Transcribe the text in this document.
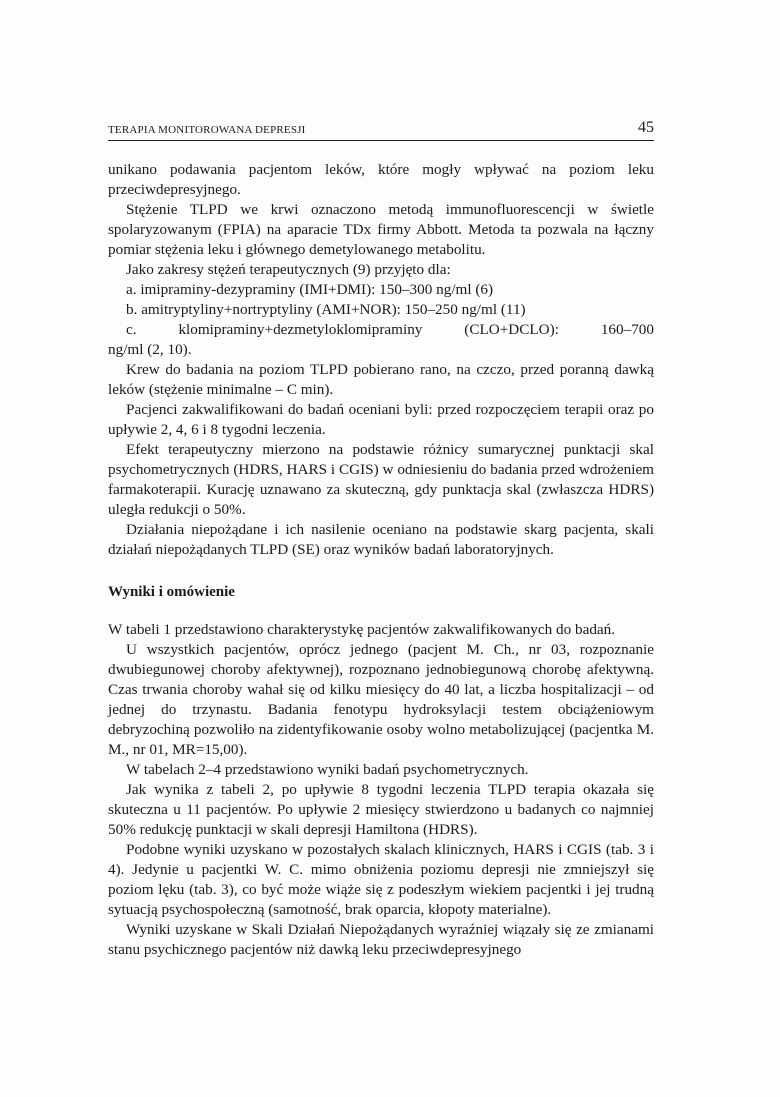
TERAPIA MONITOROWANA DEPRESJI	45

unikano podawania pacjentom leków, które mogły wpływać na poziom leku przeciwdepresyjnego.

Stężenie TLPD we krwi oznaczono metodą immunofluorescencji w świetle spolaryzowanym (FPIA) na aparacie TDx firmy Abbott. Metoda ta pozwala na łączny pomiar stężenia leku i głównego demetylowanego metabolitu.

Jako zakresy stężeń terapeutycznych (9) przyjęto dla:

a. imipraminy-dezypraminy (IMI+DMI): 150–300 ng/ml (6)

b. amitryptyliny+nortryptyliny (AMI+NOR): 150–250 ng/ml (11)

c. klomipraminy+dezmetyloklomipraminy (CLO+DCLO): 160–700

ng/ml (2, 10).

Krew do badania na poziom TLPD pobierano rano, na czczo, przed poranną dawką leków (stężenie minimalne – C min).

Pacjenci zakwalifikowani do badań oceniani byli: przed rozpoczęciem terapii oraz po upływie 2, 4, 6 i 8 tygodni leczenia.

Efekt terapeutyczny mierzono na podstawie różnicy sumarycznej punktacji skal psychometrycznych (HDRS, HARS i CGIS) w odniesieniu do badania przed wdrożeniem farmakoterapii. Kurację uznawano za skuteczną, gdy punktacja skal (zwłaszcza HDRS) uległa redukcji o 50%.

Działania niepożądane i ich nasilenie oceniano na podstawie skarg pacjenta, skali działań niepożądanych TLPD (SE) oraz wyników badań laboratoryjnych.

Wyniki i omówienie

W tabeli 1 przedstawiono charakterystykę pacjentów zakwalifikowanych do badań.

U wszystkich pacjentów, oprócz jednego (pacjent M. Ch., nr 03, rozpoznanie dwubiegunowej choroby afektywnej), rozpoznano jednobiegunową chorobę afektywną. Czas trwania choroby wahał się od kilku miesięcy do 40 lat, a liczba hospitalizacji – od jednej do trzynastu. Badania fenotypu hydroksylacji testem obciążeniowym debryzochiną pozwoliło na zidentyfikowanie osoby wolno metabolizującej (pacjentka M. M., nr 01, MR=15,00).

W tabelach 2–4 przedstawiono wyniki badań psychometrycznych.

Jak wynika z tabeli 2, po upływie 8 tygodni leczenia TLPD terapia okazała się skuteczna u 11 pacjentów. Po upływie 2 miesięcy stwierdzono u badanych co najmniej 50% redukcję punktacji w skali depresji Hamiltona (HDRS).

Podobne wyniki uzyskano w pozostałych skalach klinicznych, HARS i CGIS (tab. 3 i 4). Jedynie u pacjentki W. C. mimo obniżenia poziomu depresji nie zmniejszył się poziom lęku (tab. 3), co być może wiąże się z podeszłym wiekiem pacjentki i jej trudną sytuacją psychospołeczną (samotność, brak oparcia, kłopoty materialne).

Wyniki uzyskane w Skali Działań Niepożądanych wyraźniej wiązały się ze zmianami stanu psychicznego pacjentów niż dawką leku przeciwdepresyjnego
